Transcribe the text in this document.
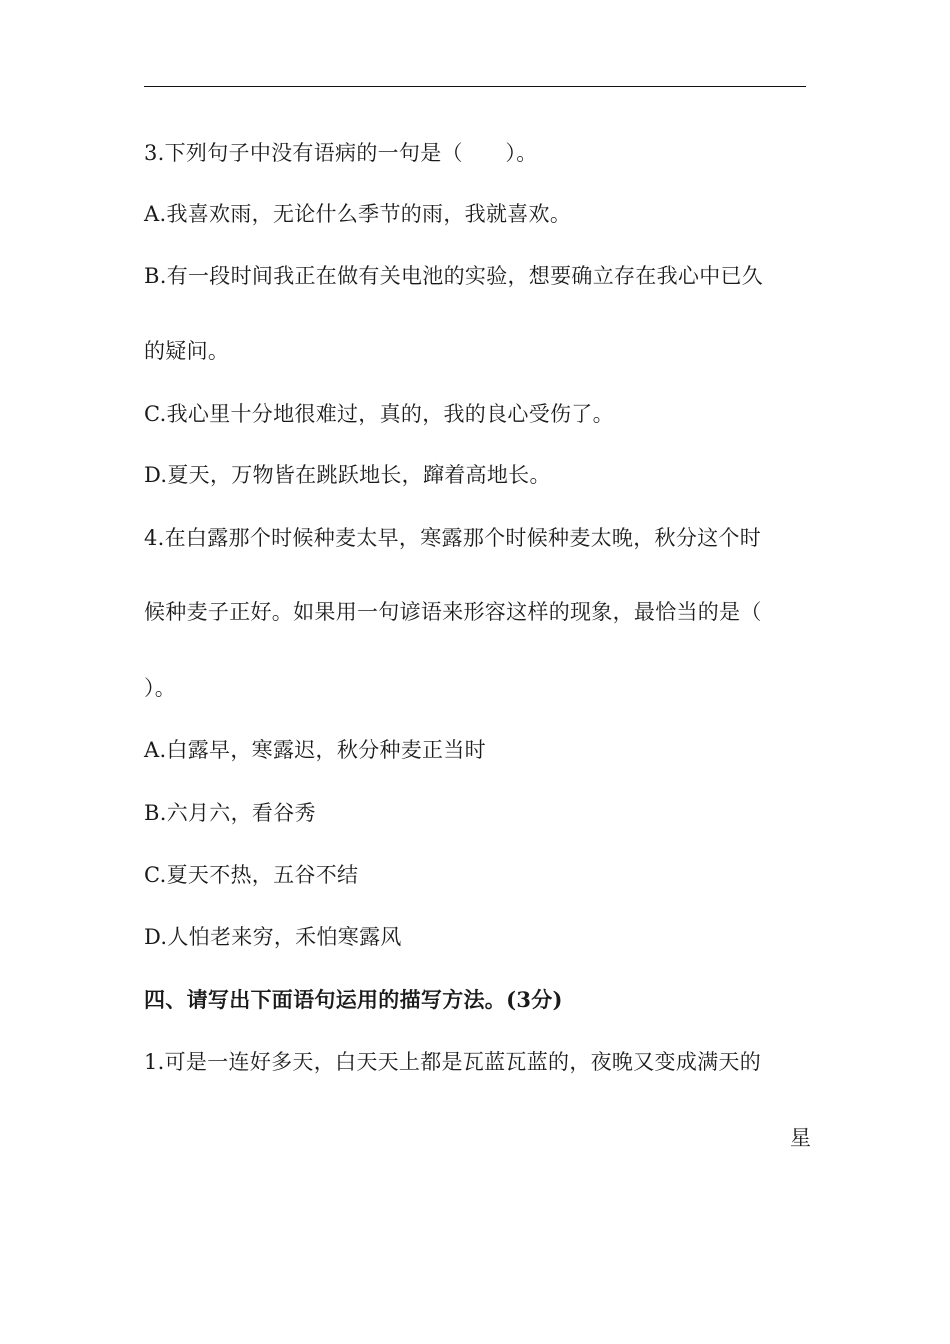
3.下列句子中没有语病的一句是（　　）。
A.我喜欢雨，无论什么季节的雨，我就喜欢。
B.有一段时间我正在做有关电池的实验，想要确立存在我心中已久
的疑问。
C.我心里十分地很难过，真的，我的良心受伤了。
D.夏天，万物皆在跳跃地长，蹿着高地长。
4.在白露那个时候种麦太早，寒露那个时候种麦太晚，秋分这个时
候种麦子正好。如果用一句谚语来形容这样的现象，最恰当的是（
）。
A.白露早，寒露迟，秋分种麦正当时
B.六月六，看谷秀
C.夏天不热，五谷不结
D.人怕老来穷，禾怕寒露风
四、请写出下面语句运用的描写方法。(3分)
1.可是一连好多天，白天天上都是瓦蓝瓦蓝的，夜晚又变成满天的
星
